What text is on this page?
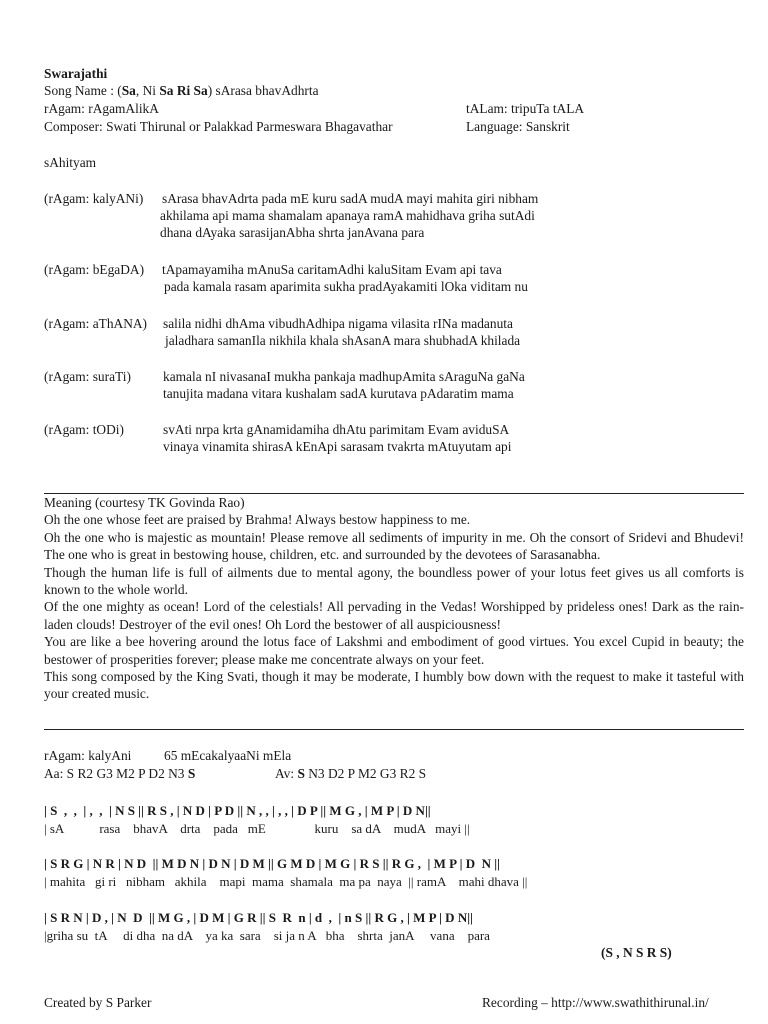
Swarajathi
Song Name : (Sa, Ni Sa Ri Sa) sArasa bhavAdhrta
rAgam: rAgamAlikA	tALam: tripuTa tALA
Composer: Swati Thirunal or Palakkad Parmeswara Bhagavathar	Language: Sanskrit
sAhityam
(rAgam: kalyANi) sArasa bhavAdrta pada mE kuru sadA mudA mayi mahita giri nibham
akhilama api mama shamalam apanaya ramA mahidhava griha sutAdi
dhana dAyaka sarasijanAbha shrta janAvana para
(rAgam: bEgaDA) tApamayamiha mAnuSa caritamAdhi kaluSitam Evam api tava
pada kamala rasam aparimita sukha pradAyakamiti lOka viditam nu
(rAgam: aThANA) salila nidhi dhAma vibudhAdhipa nigama vilasita rINa madanuta
jaladhara samanIla nikhila khala shAsanA mara shubhadA khilada
(rAgam: suraTi) kamala nI nivasanaI mukha pankaja madhupAmita sAraguNa gaNa
tanujita madana vitara kushalam sadA kurutava pAdaratim mama
(rAgam: tODi)	svAti nrpa krta gAnamidamiha dhAtu parimitam Evam aviduSA
vinaya vinamita shirasA kEnApi sarasam tvakrta mAtuyutam api

Meaning (courtesy TK Govinda Rao)

Oh the one whose feet are praised by Brahma! Always bestow happiness to me.

Oh the one who is majestic as mountain! Please remove all sediments of impurity in me. Oh the consort of Sridevi and Bhudevi! The one who is great in bestowing house, children, etc. and surrounded by the devotees of Sarasanabha.

Though the human life is full of ailments due to mental agony, the boundless power of your lotus feet gives us all comforts is known to the whole world.

Of the one mighty as ocean! Lord of the celestials! All pervading in the Vedas! Worshipped by prideless ones! Dark as the rain-laden clouds! Destroyer of the evil ones! Oh Lord the bestower of all auspiciousness!

You are like a bee hovering around the lotus face of Lakshmi and embodiment of good virtues. You excel Cupid in beauty; the bestower of prosperities forever; please make me concentrate always on your feet.

This song composed by the King Svati, though it may be moderate, I humbly bow down with the request to make it tasteful with your created music.

rAgam: kalyAni 65 mEcakalyaaNi mEla
Aa: S R2 G3 M2 P D2 N3 S	Av: S N3 D2 P M2 G3 R2 S
| S  ,  ,  | ,  ,  | N S || R S , | N D | P D || N , , | , , | D P || M G , | M P | D N||
| sA           rasa    bhavA    drta    pada   mE               kuru    sa dA    mudA   mayi ||
| S R G | N R | N D  || M D N | D N | D M || G M D | M G | R S || R G ,  | M P | D  N ||
| mahita   gi ri   nibham   akhila    mapi  mama  shamala  ma pa  naya  || ramA    mahi dhava ||
| S R N | D , | N  D  || M G , | D M | G R || S  R  n | d  ,  | n S || R G , | M P | D N||
|griha su  tA     di dha  na dA    ya ka  sara    si ja n A   bha    shrta  janA     vana    para
(S , N S R S)
Created by S Parker	Recording – http://www.swathithirunal.in/
